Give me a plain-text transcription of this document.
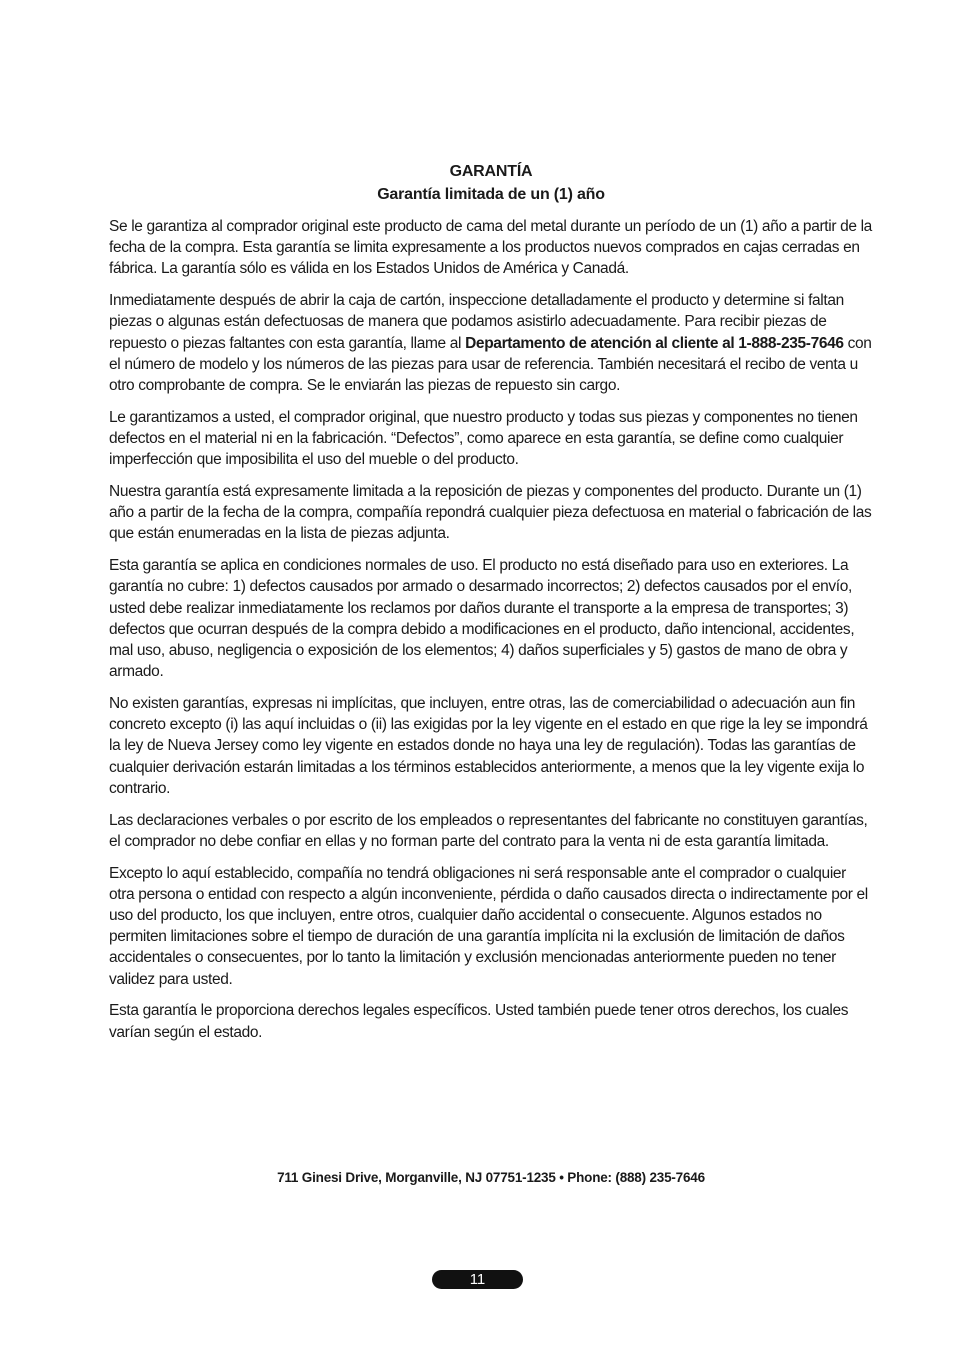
GARANTÍA
Garantía limitada de un (1) año

Se le garantiza al comprador original este producto de cama del metal durante un período de un (1) año a partir de la fecha de la compra. Esta garantía se limita expresamente a los productos nuevos comprados en cajas cerradas en fábrica. La garantía sólo es válida en los Estados Unidos de América y Canadá.

Inmediatamente después de abrir la caja de cartón, inspeccione detalladamente el producto y determine si faltan piezas o algunas están defectuosas de manera que podamos asistirlo adecuadamente. Para recibir piezas de repuesto o piezas faltantes con esta garantía, llame al Departamento de atención al cliente al 1-888-235-7646 con el número de modelo y los números de las piezas para usar de referencia. También necesitará el recibo de venta u otro comprobante de compra. Se le enviarán las piezas de repuesto sin cargo.

Le garantizamos a usted, el comprador original, que nuestro producto y todas sus piezas y componentes no tienen defectos en el material ni en la fabricación. “Defectos”, como aparece en esta garantía, se define como cualquier imperfección que imposibilita el uso del mueble o del producto.

Nuestra garantía está expresamente limitada a la reposición de piezas y componentes del producto. Durante un (1) año a partir de la fecha de la compra, compañía repondrá cualquier pieza defectuosa en material o fabricación de las que están enumeradas en la lista de piezas adjunta.

Esta garantía se aplica en condiciones normales de uso. El producto no está diseñado para uso en exteriores. La garantía no cubre: 1) defectos causados por armado o desarmado incorrectos; 2) defectos causados por el envío, usted debe realizar inmediatamente los reclamos por daños durante el transporte a la empresa de transportes; 3) defectos que ocurran después de la compra debido a modificaciones en el producto, daño intencional, accidentes, mal uso, abuso, negligencia o exposición de los elementos; 4) daños superficiales y 5) gastos de mano de obra y armado.

No existen garantías, expresas ni implícitas, que incluyen, entre otras, las de comerciabilidad o adecuación aun fin concreto excepto (i) las aquí incluidas o (ii) las exigidas por la ley vigente en el estado en que rige la ley se impondrá la ley de Nueva Jersey como ley vigente en estados donde no haya una ley de regulación). Todas las garantías de cualquier derivación estarán limitadas a los términos establecidos anteriormente, a menos que la ley vigente exija lo contrario.

Las declaraciones verbales o por escrito de los empleados o representantes del fabricante no constituyen garantías, el comprador no debe confiar en ellas y no forman parte del contrato para la venta ni de esta garantía limitada.

Excepto lo aquí establecido, compañía no tendrá obligaciones ni será responsable ante el comprador o cualquier otra persona o entidad con respecto a algún inconveniente, pérdida o daño causados directa o indirectamente por el uso del producto, los que incluyen, entre otros, cualquier daño accidental o consecuente. Algunos estados no permiten limitaciones sobre el tiempo de duración de una garantía implícita ni la exclusión de limitación de daños accidentales o consecuentes, por lo tanto la limitación y exclusión mencionadas anteriormente pueden no tener validez para usted.

Esta garantía le proporciona derechos legales específicos. Usted también puede tener otros derechos, los cuales varían según el estado.

711 Ginesi Drive, Morganville, NJ 07751-1235 • Phone: (888) 235-7646
11
